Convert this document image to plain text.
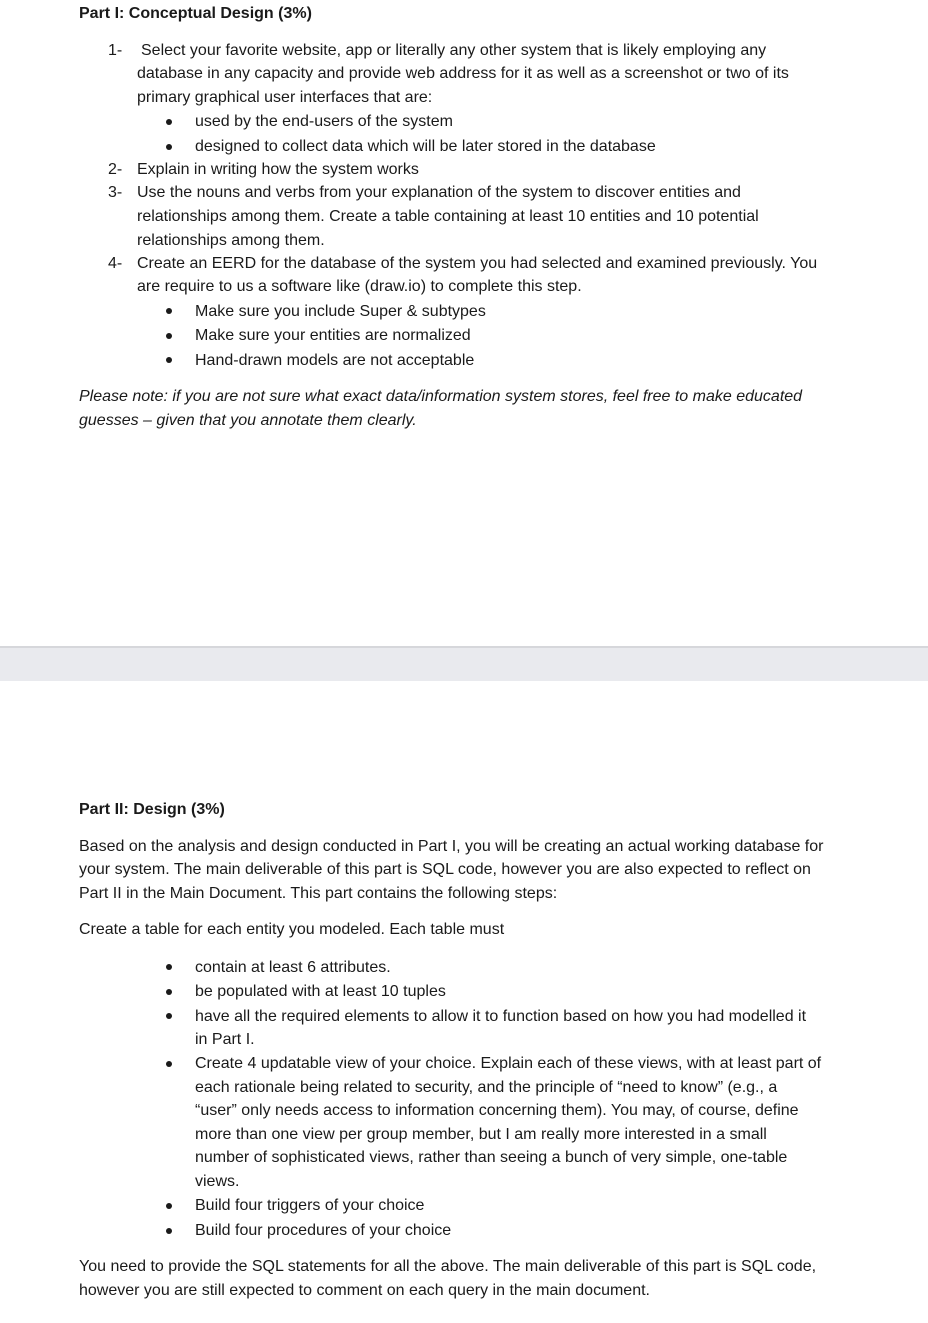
Part I: Conceptual Design (3%)
1- Select your favorite website, app or literally any other system that is likely employing any

database in any capacity and provide web address for it as well as a screenshot or two of its

primary graphical user interfaces that are:

used by the end-users of the system

designed to collect data which will be later stored in the database

2- Explain in writing how the system works

3- Use the nouns and verbs from your explanation of the system to discover entities and

relationships among them. Create a table containing at least 10 entities and 10 potential

relationships among them.

4- Create an EERD for the database of the system you had selected and examined previously. You

are require to us a software like (draw.io) to complete this step.

Make sure you include Super & subtypes

Make sure your entities are normalized

Hand-drawn models are not acceptable

Please note: if you are not sure what exact data/information system stores, feel free to make educated

guesses – given that you annotate them clearly.

Part II: Design (3%)

Based on the analysis and design conducted in Part I, you will be creating an actual working database for

your system. The main deliverable of this part is SQL code, however you are also expected to reflect on

Part II in the Main Document. This part contains the following steps:

Create a table for each entity you modeled. Each table must

contain at least 6 attributes.

be populated with at least 10 tuples

have all the required elements to allow it to function based on how you had modelled it

in Part I.

Create 4 updatable view of your choice. Explain each of these views, with at least part of

each rationale being related to security, and the principle of “need to know” (e.g., a

“user” only needs access to information concerning them). You may, of course, define

more than one view per group member, but I am really more interested in a small

number of sophisticated views, rather than seeing a bunch of very simple, one-table

views.

Build four triggers of your choice

Build four procedures of your choice

You need to provide the SQL statements for all the above. The main deliverable of this part is SQL code,

however you are still expected to comment on each query in the main document.
